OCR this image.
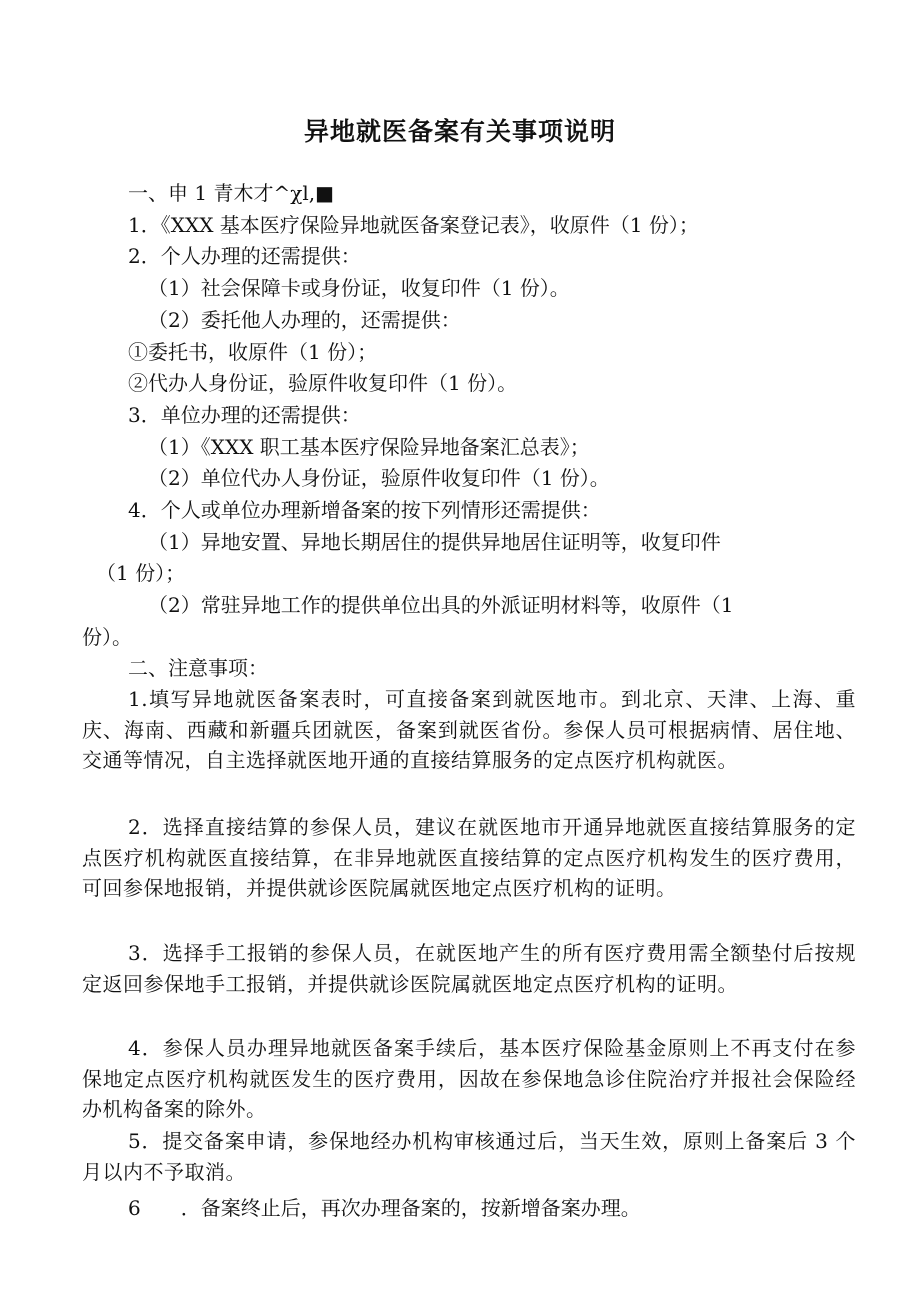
异地就医备案有关事项说明
一、申 1 青木才^χl,■
1．《XXX 基本医疗保险异地就医备案登记表》，收原件（1 份）；
2．个人办理的还需提供：
（1）社会保障卡或身份证，收复印件（1 份）。
（2）委托他人办理的，还需提供：
①委托书，收原件（1 份）；
②代办人身份证，验原件收复印件（1 份）。
3．单位办理的还需提供：
（1）《XXX 职工基本医疗保险异地备案汇总表》；
（2）单位代办人身份证，验原件收复印件（1 份）。
4．个人或单位办理新增备案的按下列情形还需提供：
（1）异地安置、异地长期居住的提供异地居住证明等，收复印件
（1 份）；
（2）常驻异地工作的提供单位出具的外派证明材料等，收原件（1
份）。
二、注意事项：
1.填写异地就医备案表时，可直接备案到就医地市。到北京、天津、上海、重庆、海南、西藏和新疆兵团就医，备案到就医省份。参保人员可根据病情、居住地、交通等情况，自主选择就医地开通的直接结算服务的定点医疗机构就医。
2．选择直接结算的参保人员，建议在就医地市开通异地就医直接结算服务的定点医疗机构就医直接结算，在非异地就医直接结算的定点医疗机构发生的医疗费用，可回参保地报销，并提供就诊医院属就医地定点医疗机构的证明。
3．选择手工报销的参保人员，在就医地产生的所有医疗费用需全额垫付后按规定返回参保地手工报销，并提供就诊医院属就医地定点医疗机构的证明。
4．参保人员办理异地就医备案手续后，基本医疗保险基金原则上不再支付在参保地定点医疗机构就医发生的医疗费用，因故在参保地急诊住院治疗并报社会保险经办机构备案的除外。
5．提交备案申请，参保地经办机构审核通过后，当天生效，原则上备案后 3 个月以内不予取消。
6　　．备案终止后，再次办理备案的，按新增备案办理。
